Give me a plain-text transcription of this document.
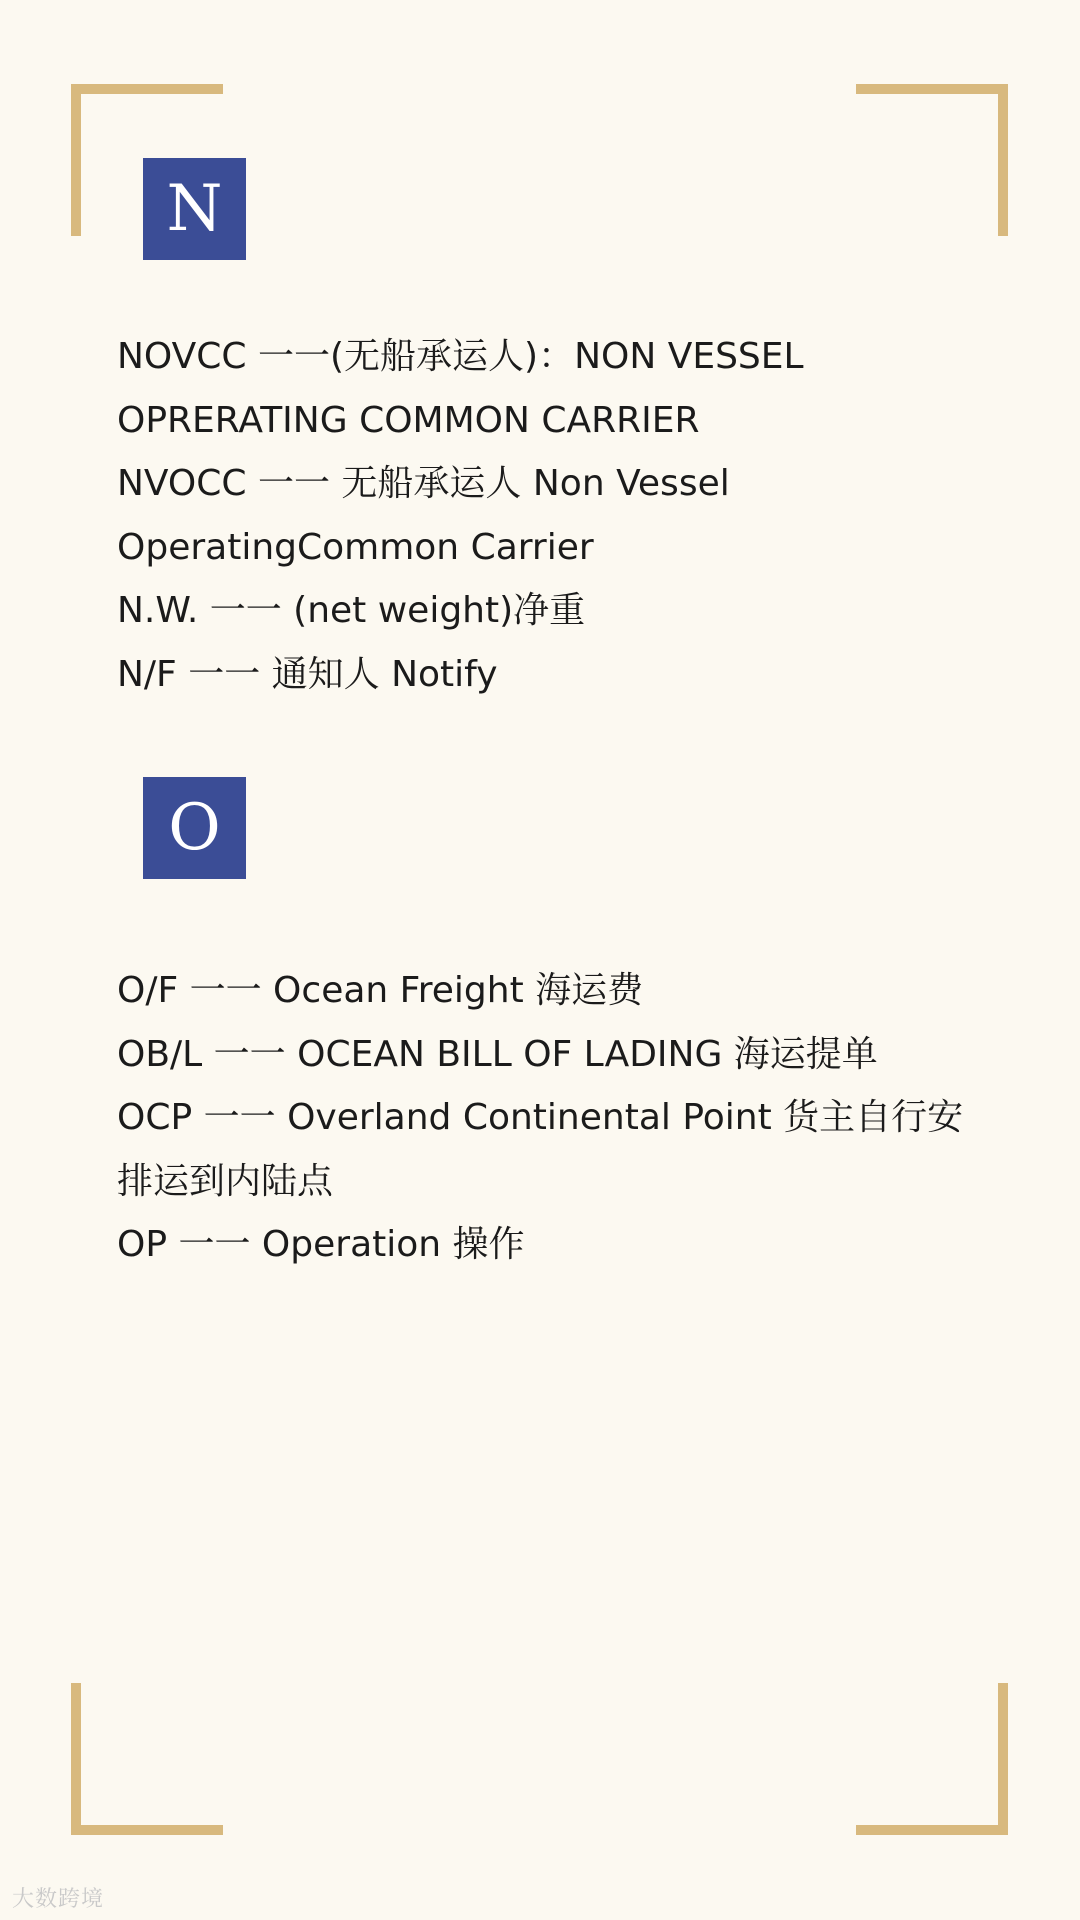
N
NOVCC 一一(无船承运人)：NON VESSEL OPRERATING COMMON CARRIER
NVOCC 一一 无船承运人 Non Vessel OperatingCommon Carrier
N.W. 一一 (net weight)净重
N/F 一一 通知人 Notify
O
O/F 一一 Ocean Freight 海运费
OB/L 一一 OCEAN BILL OF LADING 海运提单
OCP 一一 Overland Continental Point 货主自行安排运到内陆点
OP 一一 Operation 操作
大数跨境
